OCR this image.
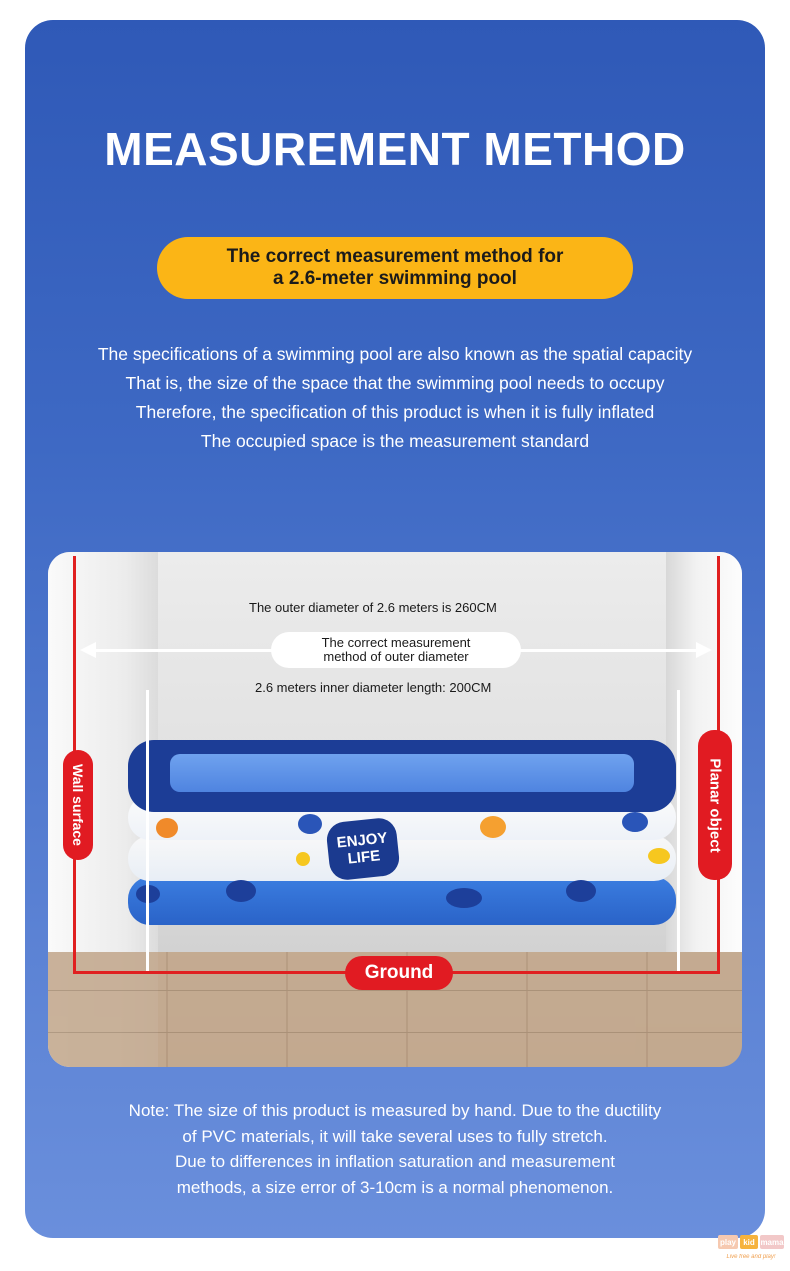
MEASUREMENT METHOD
The correct measurement method for
a 2.6-meter swimming pool
The specifications of a swimming pool are also known as the spatial capacity
That is, the size of the space that the swimming pool needs to occupy
Therefore, the specification of this product is when it is fully inflated
The occupied space is the measurement standard
ENJOY
LIFE
The outer diameter of 2.6 meters is 260CM
The correct measurement
method of outer diameter
2.6 meters inner diameter length: 200CM
Wall surface	Planar object
Ground
Note: The size of this product is measured by hand. Due to the ductility
of PVC materials, it will take several uses to fully stretch.
Due to differences in inflation saturation and measurement
methods, a size error of 3-10cm is a normal phenomenon.
play kid mama
Live free and play!
